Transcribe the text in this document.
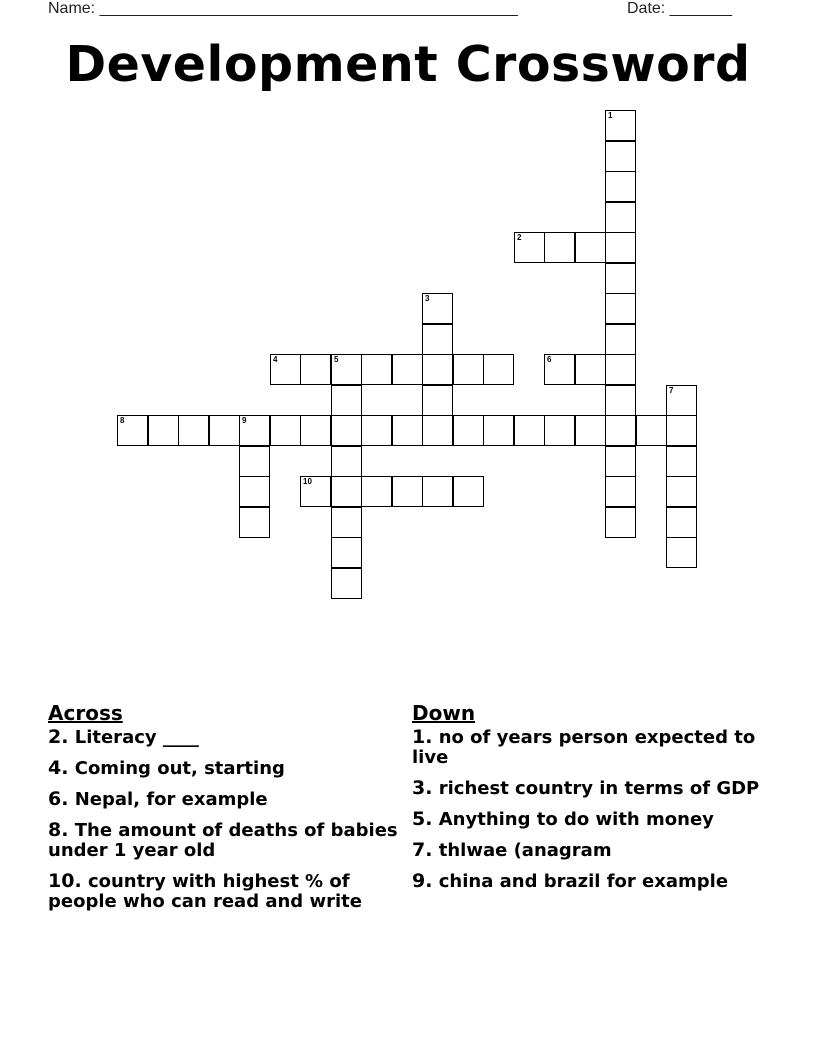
Name: _______________________________________________	Date: _______
Development Crossword
1
2
3
4	5	6
7
8	9
10
Across
2. Literacy ____
4. Coming out, starting
6. Nepal, for example
8. The amount of deaths of babies under 1 year old
10. country with highest % of people who can read and write
Down
1. no of years person expected to live
3. richest country in terms of GDP
5. Anything to do with money
7. thlwae (anagram
9. china and brazil for example
